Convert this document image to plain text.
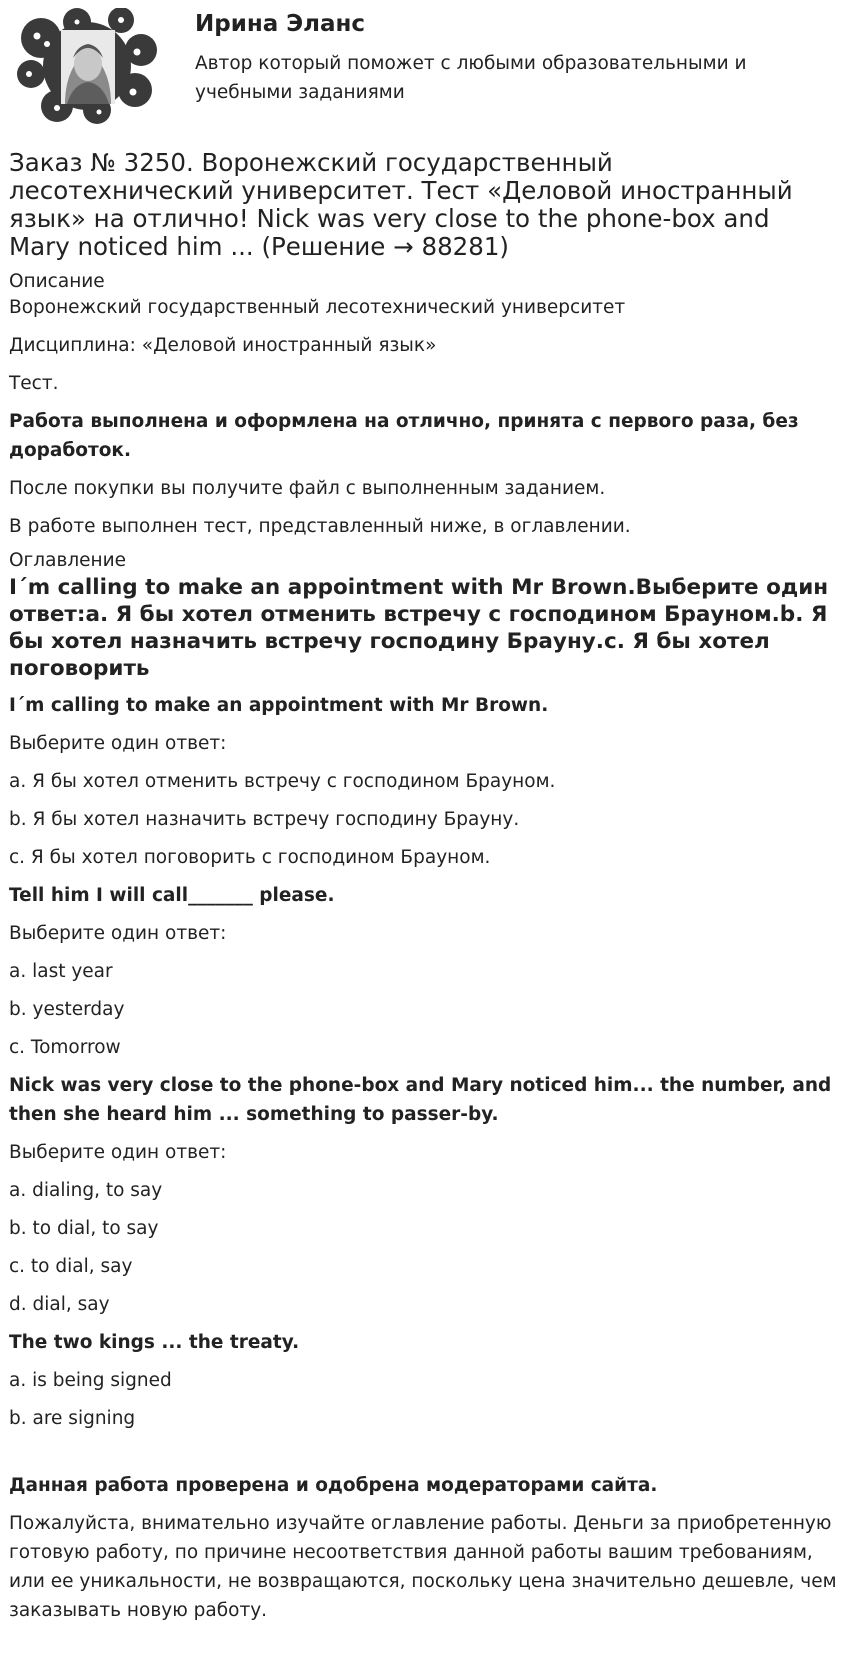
Ирина Эланс

Автор который поможет с любыми образовательными и учебными заданиями

Заказ № 3250. Воронежский государственный лесотехнический университет. Тест «Деловой иностранный язык» на отлично! Nick was very close to the phone-box and Mary noticed him ... (Решение → 88281)
Описание

Воронежский государственный лесотехнический университет

Дисциплина: «Деловой иностранный язык»

Тест.

Работа выполнена и оформлена на отлично, принята с первого раза, без доработок.

После покупки вы получите файл с выполненным заданием.

В работе выполнен тест, представленный ниже, в оглавлении.

Оглавление
I´m calling to make an appointment with Mr Brown.Выберите один ответ:a. Я бы хотел отменить встречу с господином Брауном.b. Я бы хотел назначить встречу господину Брауну.c. Я бы хотел поговорить

I´m calling to make an appointment with Mr Brown.

Выберите один ответ:

a. Я бы хотел отменить встречу с господином Брауном.

b. Я бы хотел назначить встречу господину Брауну.

c. Я бы хотел поговорить с господином Брауном.

Tell him I will call_______ please.

Выберите один ответ:

a. last year

b. yesterday

c. Tomorrow

Nick was very close to the phone-box and Mary noticed him... the number, and then she heard him ... something to passer-by.

Выберите один ответ:

a. dialing, to say

b. to dial, to say

c. to dial, say

d. dial, say

The two kings ... the treaty.

a. is being signed

b. are signing

Данная работа проверена и одобрена модераторами сайта.

Пожалуйста, внимательно изучайте оглавление работы. Деньги за приобретенную готовую работу, по причине несоответствия данной работы вашим требованиям, или ее уникальности, не возвращаются, поскольку цена значительно дешевле, чем заказывать новую работу.
